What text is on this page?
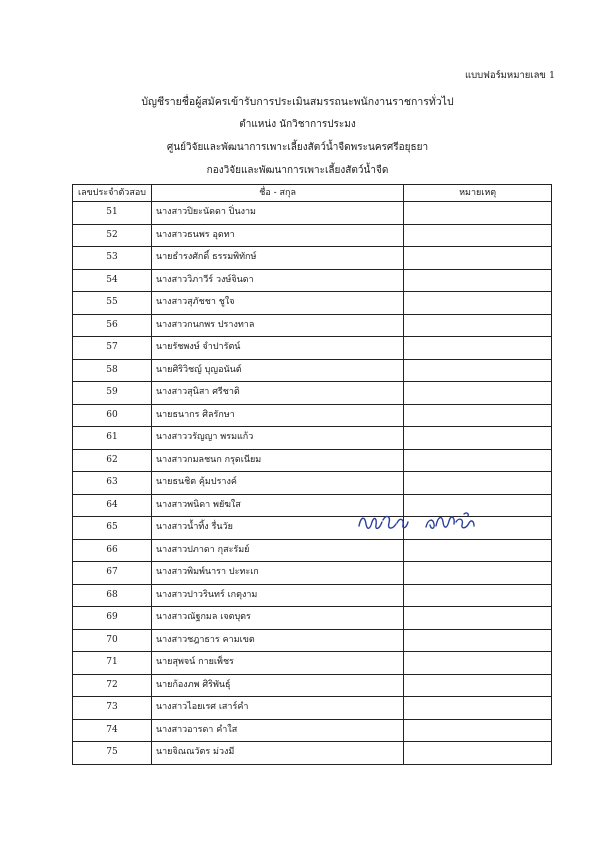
แบบฟอร์มหมายเลข 1
บัญชีรายชื่อผู้สมัครเข้ารับการประเมินสมรรถนะพนักงานราชการทั่วไป
ตำแหน่ง นักวิชาการประมง
ศูนย์วิจัยและพัฒนาการเพาะเลี้ยงสัตว์น้ำจืดพระนครศรีอยุธยา
กองวิจัยและพัฒนาการเพาะเลี้ยงสัตว์น้ำจืด
เลขประจำตัวสอบ	ชื่อ - สกุล	หมายเหตุ
51	นางสาวปิยะนัดดา ปิ่นงาม	
52	นางสาวธนพร อุดทา	
53	นายธำรงศักดิ์ ธรรมพิทักษ์	
54	นางสาววิภาวีร์ วงษ์จินดา	
55	นางสาวสุภัชชา ชูใจ	
56	นางสาวกนกพร ปรางทาล	
57	นายรัชพงษ์ จำปารัตน์	
58	นายศิริวิชญ์ บุญอนันต์	
59	นางสาวสุนิสา ศรีชาติ	
60	นายธนากร ศิลรักษา	
61	นางสาววรัญญา พรมแก้ว	
62	นางสาวกมลชนก กรุดเนียม	
63	นายธนชิต คุ้มปรางค์	
64	นางสาวพนิดา พยัฆใส	
65	นางสาวน้ำทิ้ง รื่นวัย	
66	นางสาวปภาดา กุสะรัมย์	
67	นางสาวพิมพ์นารา ปะทะเก	
68	นางสาวปาวรินทร์ เกตุงาม	
69	นางสาวณัฐกมล เจตบุตร	
70	นางสาวชฎาธาร คามเขต	
71	นายสุพจน์ กายเพ็ชร	
72	นายก้องภพ ศิริพันธุ์	
73	นางสาวไอยเรศ เสาร์คำ	
74	นางสาวอารดา คำใส	
75	นายจิณณวัตร ม่วงมี	
